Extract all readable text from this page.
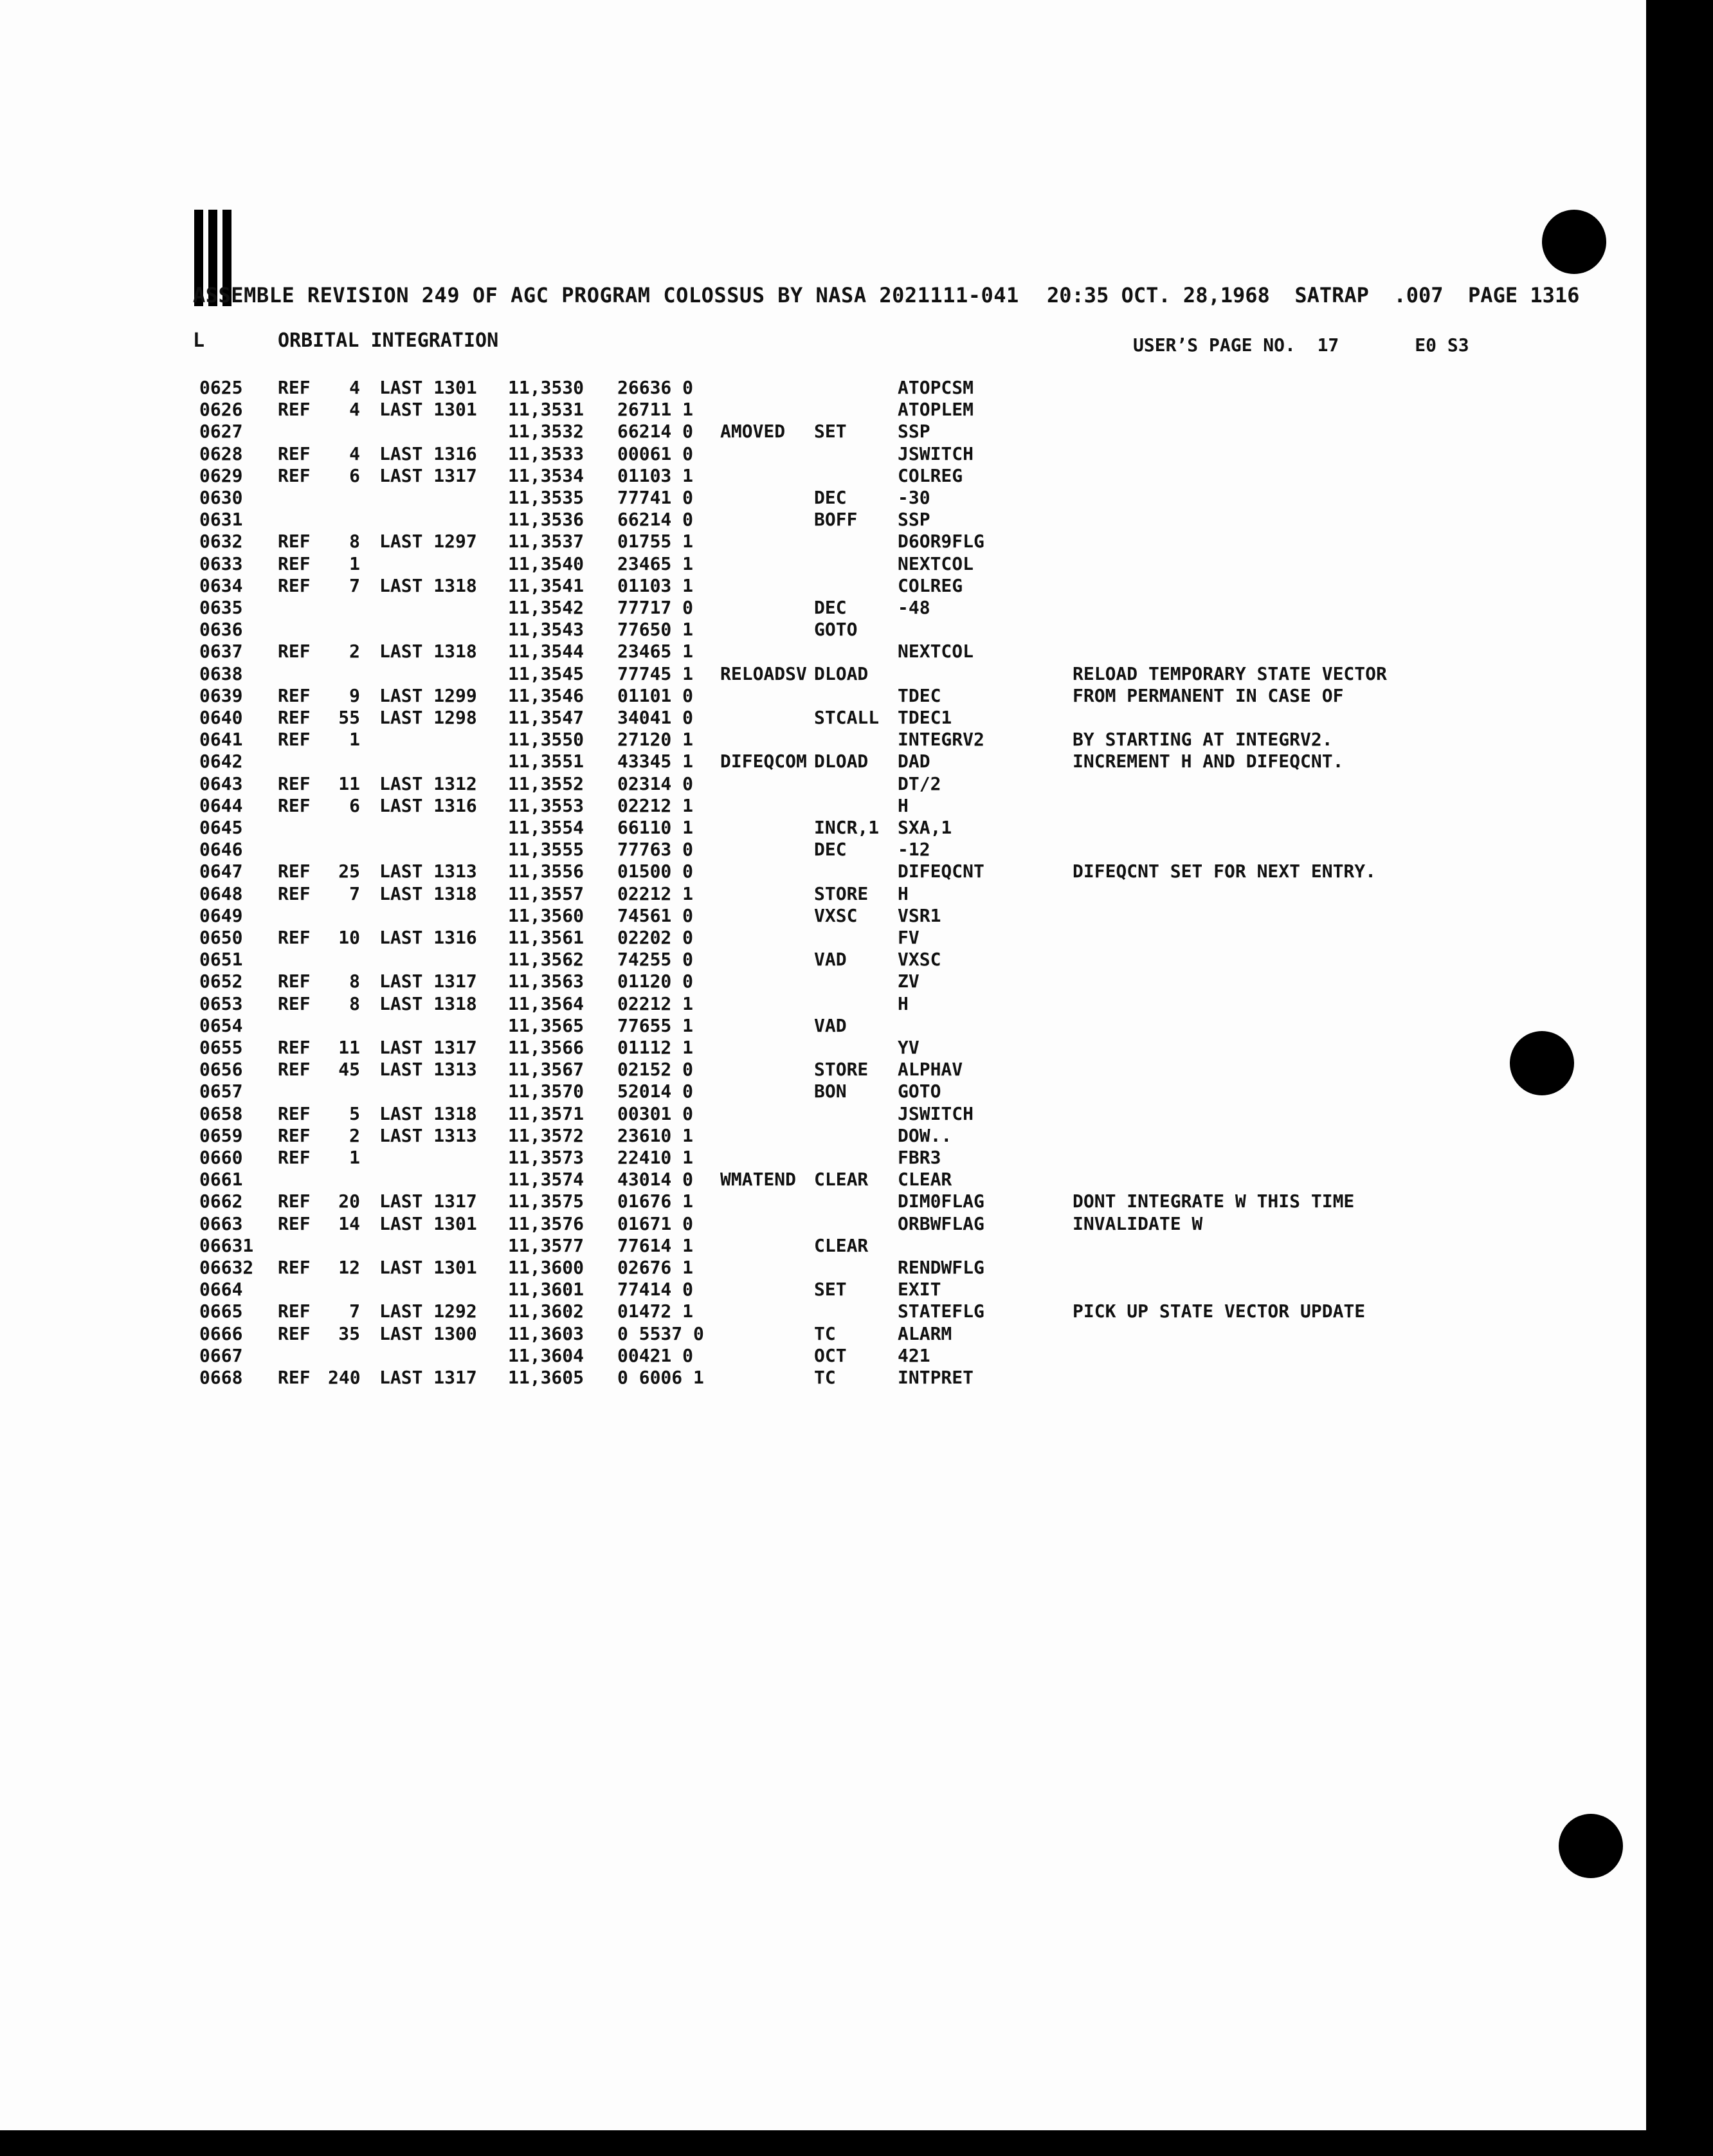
ASSEMBLE REVISION 249 OF AGC PROGRAM COLOSSUS BY NASA 2021111-041 20:35 OCT. 28,1968  SATRAP  .007  PAGE 1316
L	ORBITAL INTEGRATION	USER’S PAGE NO.  17       E0 S3
0625 REF	4 LAST 1301 11,3530 26636 0	ATOPCSM
0626 REF	4 LAST 1301 11,3531 26711 1	ATOPLEM
0627	11,3532 66214 0 AMOVED SET	SSP
0628 REF	4 LAST 1316 11,3533 00061 0	JSWITCH
0629 REF	6 LAST 1317 11,3534 01103 1	COLREG
0630	11,3535 77741 0	DEC	-30
0631	11,3536 66214 0	BOFF SSP
0632 REF	8 LAST 1297 11,3537 01755 1	D6OR9FLG
0633 REF	1	11,3540 23465 1	NEXTCOL
0634 REF	7 LAST 1318 11,3541 01103 1	COLREG
0635	11,3542 77717 0	DEC	-48
0636	11,3543 77650 1	GOTO
0637 REF	2 LAST 1318 11,3544 23465 1	NEXTCOL
0638	11,3545 77745 1 RELOADSV DLOAD	RELOAD TEMPORARY STATE VECTOR
0639 REF	9 LAST 1299 11,3546 01101 0	TDEC	FROM PERMANENT IN CASE OF
0640 REF	55 LAST 1298 11,3547 34041 0	STCALL TDEC1
0641 REF	1	11,3550 27120 1	INTEGRV2	BY STARTING AT INTEGRV2.
0642	11,3551 43345 1 DIFEQCOM DLOAD DAD	INCREMENT H AND DIFEQCNT.
0643 REF	11 LAST 1312 11,3552 02314 0	DT/2
0644 REF	6 LAST 1316 11,3553 02212 1	H
0645	11,3554 66110 1	INCR,1 SXA,1
0646	11,3555 77763 0	DEC	-12
0647 REF	25 LAST 1313 11,3556 01500 0	DIFEQCNT	DIFEQCNT SET FOR NEXT ENTRY.
0648 REF	7 LAST 1318 11,3557 02212 1	STORE H
0649	11,3560 74561 0	VXSC VSR1
0650 REF	10 LAST 1316 11,3561 02202 0	FV
0651	11,3562 74255 0	VAD	VXSC
0652 REF	8 LAST 1317 11,3563 01120 0	ZV
0653 REF	8 LAST 1318 11,3564 02212 1	H
0654	11,3565 77655 1	VAD
0655 REF	11 LAST 1317 11,3566 01112 1	YV
0656 REF	45 LAST 1313 11,3567 02152 0	STORE ALPHAV
0657	11,3570 52014 0	BON	GOTO
0658 REF	5 LAST 1318 11,3571 00301 0	JSWITCH
0659 REF	2 LAST 1313 11,3572 23610 1	DOW..
0660 REF	1	11,3573 22410 1	FBR3
0661	11,3574 43014 0 WMATEND CLEAR CLEAR
0662 REF	20 LAST 1317 11,3575 01676 1	DIM0FLAG	DONT INTEGRATE W THIS TIME
0663 REF	14 LAST 1301 11,3576 01671 0	ORBWFLAG	INVALIDATE W
06631	11,3577 77614 1	CLEAR
06632 REF	12 LAST 1301 11,3600 02676 1	RENDWFLG
0664	11,3601 77414 0	SET	EXIT
0665 REF	7 LAST 1292 11,3602 01472 1	STATEFLG	PICK UP STATE VECTOR UPDATE
0666 REF	35 LAST 1300 11,3603 0 5537 0	TC	ALARM
0667	11,3604 00421 0	OCT	421
0668 REF 240 LAST 1317 11,3605 0 6006 1	TC	INTPRET
